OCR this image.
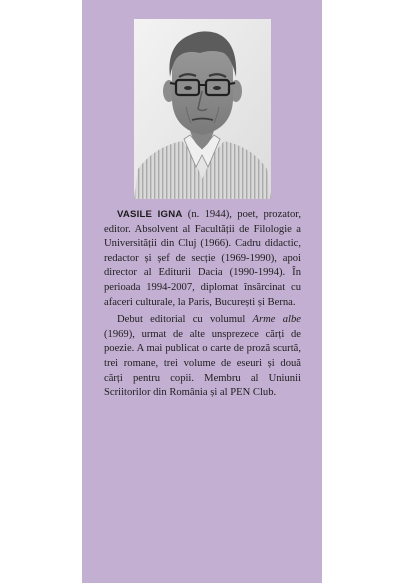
VASILE IGNA (n. 1944), poet, prozator, editor. Absolvent al Facultății de Filologie a Universității din Cluj (1966). Cadru didactic, redactor și șef de secție (1969-1990), apoi director al Editurii Dacia (1990-1994). În perioada 1994-2007, diplomat însărcinat cu afaceri culturale, la Paris, București și Berna.

Debut editorial cu volumul Arme albe (1969), urmat de alte unsprezece cărți de poezie. A mai publicat o carte de proză scurtă, trei romane, trei volume de eseuri și două cărți pentru copii. Membru al Uniunii Scriitorilor din România și al PEN Club.
